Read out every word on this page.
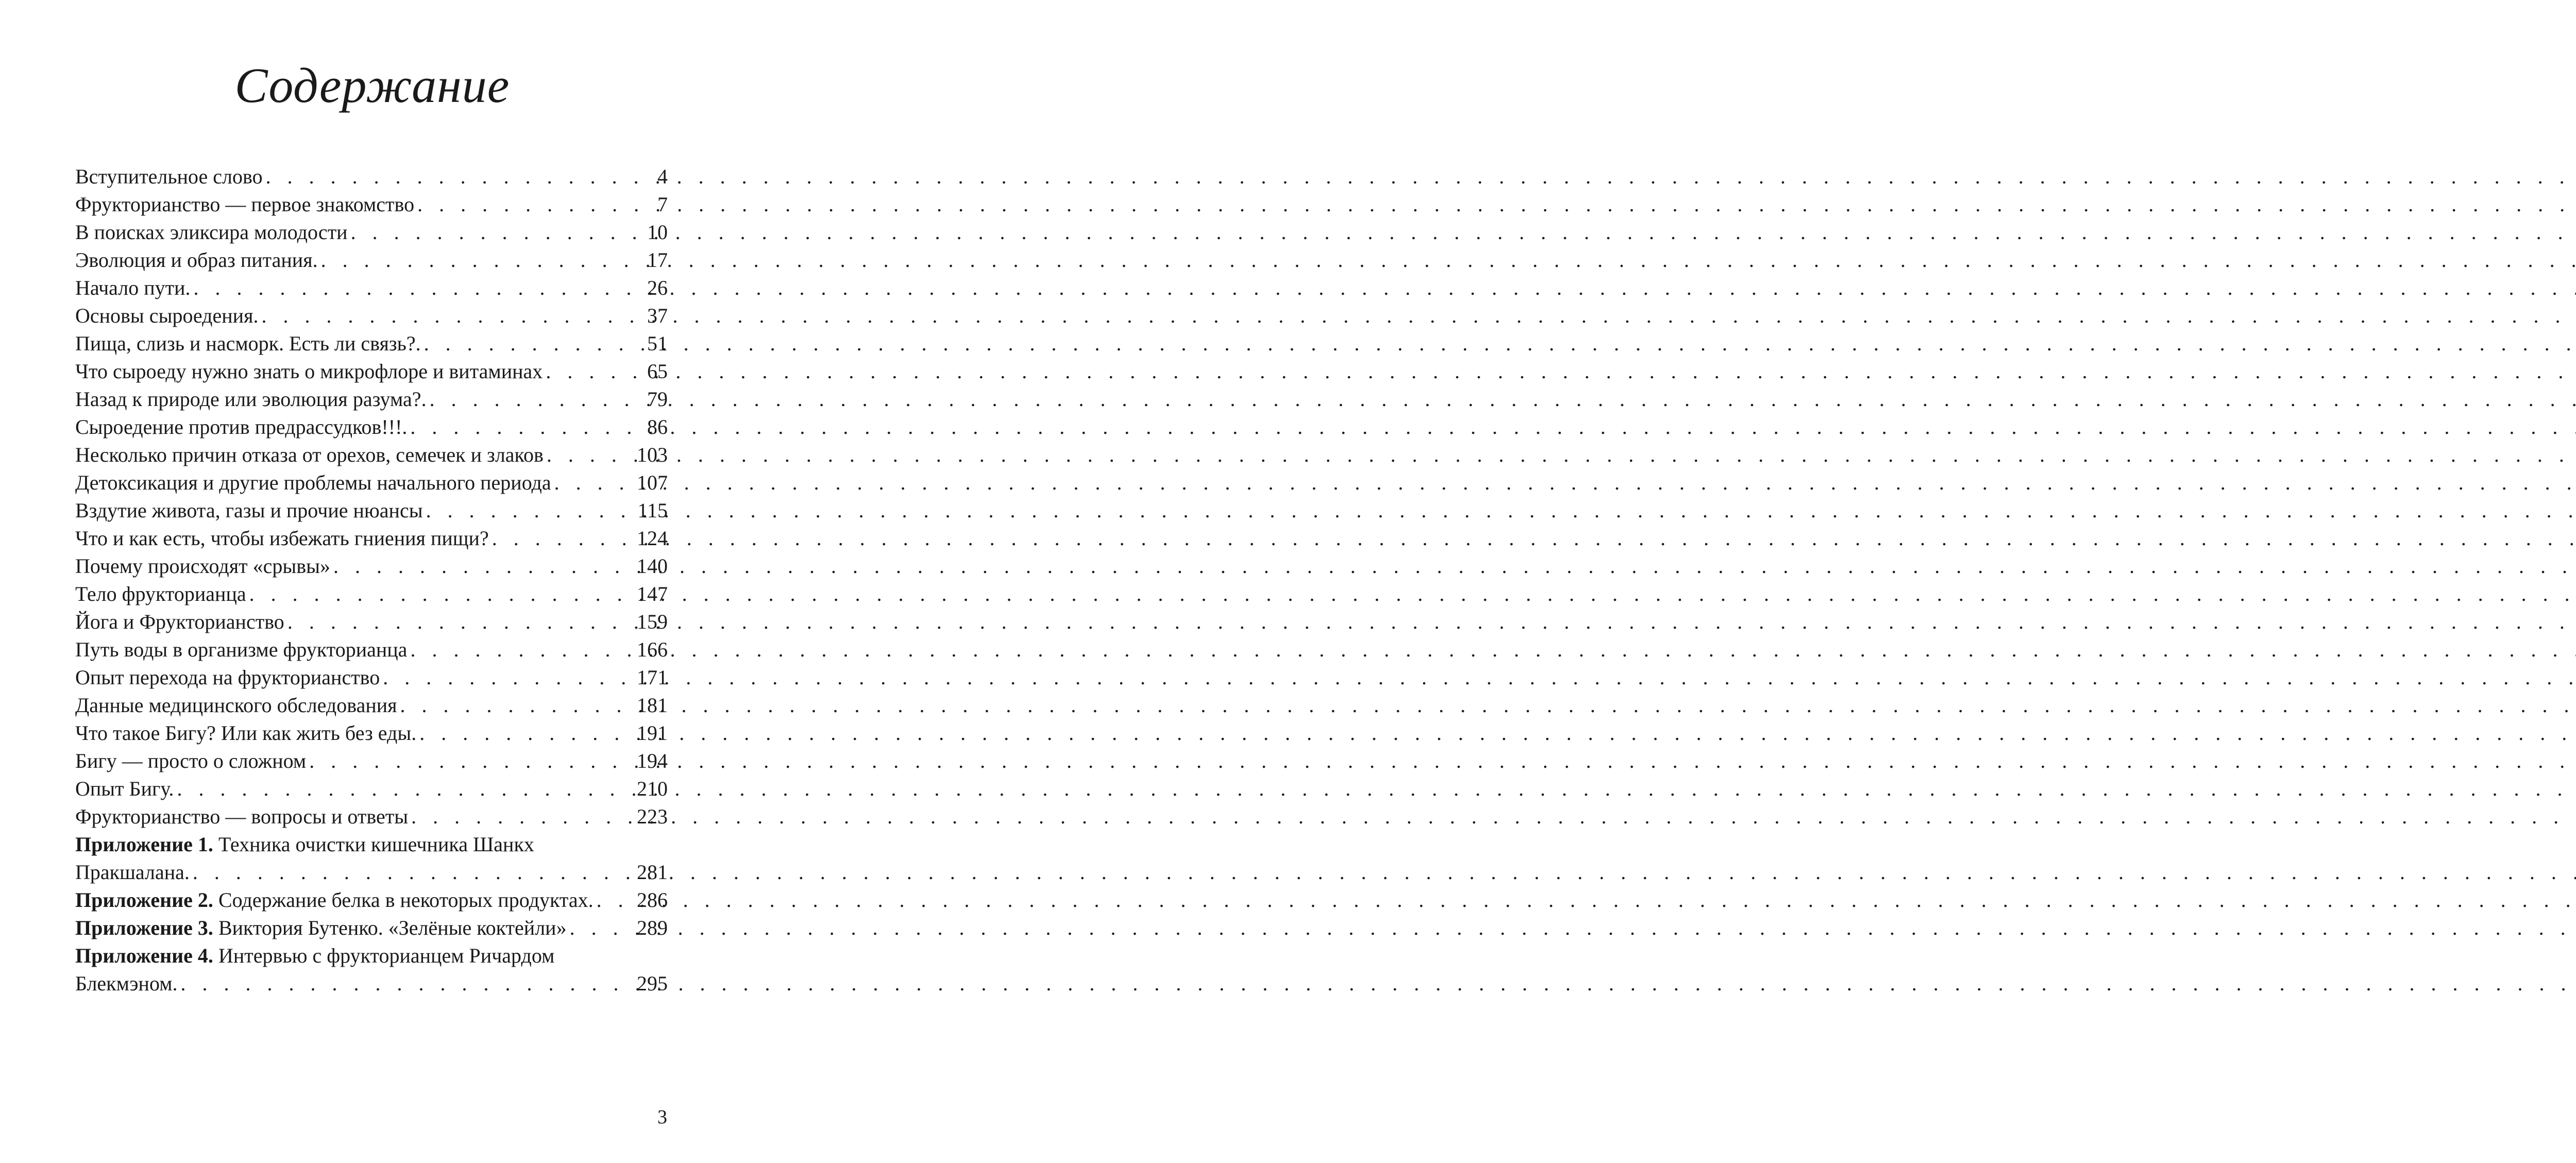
Содержание
Вступительное слово . . .	4
Фрукторианство — первое знакомство . . .	7
В поисках эликсира молодости . . .	10
Эволюция и образ питания. . . .	17
Начало пути. . . .	26
Основы сыроедения. . . .	37
Пища, слизь и насморк. Есть ли связь?. . . .	51
Что сыроеду нужно знать о микрофлоре и витаминах . . .	65
Назад к природе или эволюция разума?. . . .	79
Сыроедение против предрассудков!!!. . . .	86
Несколько причин отказа от орехов, семечек и злаков . . .	103
Детоксикация и другие проблемы начального периода . . .	107
Вздутие живота, газы и прочие нюансы . . .	115
Что и как есть, чтобы избежать гниения пищи? . . .	124
Почему происходят «срывы» . . .	140
Тело фрукторианца . . .	147
Йога и Фрукторианство . . .	159
Путь воды в организме фрукторианца . . .	166
Опыт перехода на фрукторианство . . .	171
Данные медицинского обследования . . .	181
Что такое Бигу? Или как жить без еды. . . .	191
Бигу — просто о сложном . . .	194
Опыт Бигу. . . .	210
Фрукторианство — вопросы и ответы . . .	223
Приложение 1. Техника очистки кишечника Шанкх
Пракшалана. . . .	281
Приложение 2. Содержание белка в некоторых продуктах. . . . 286
Приложение 3. Виктория Бутенко. «Зелёные коктейли» . . .	289
Приложение 4. Интервью с фрукторианцем Ричардом
Блекмэном. . . .	295
3
